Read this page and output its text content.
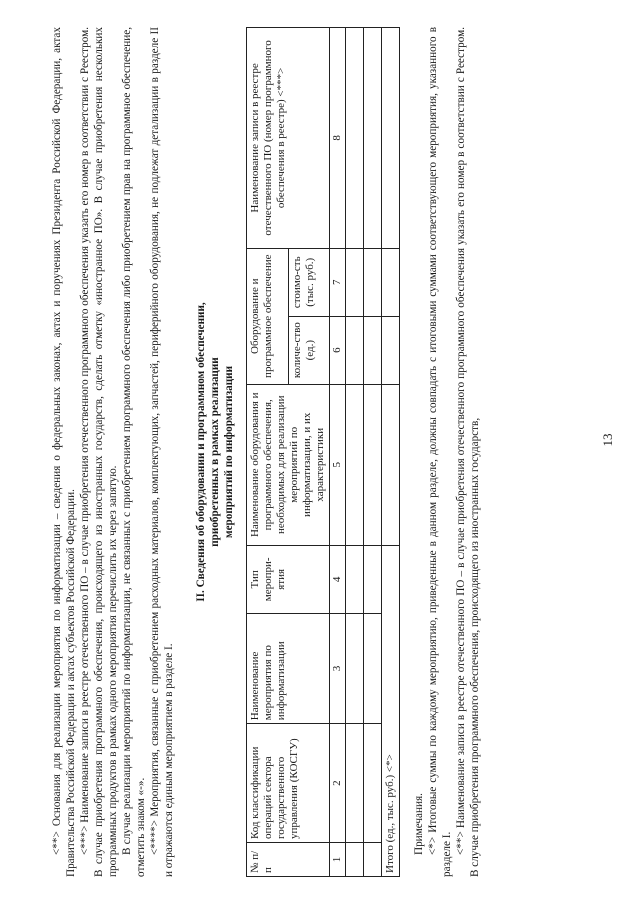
13

<**> Основания для реализации мероприятия по информатизации – сведения о федеральных законах, актах и поручениях Президента Российской Федерации, актах Правительства Российской Федерации и актах субъектов Российской Федерации. <***> Наименование записи в реестре отечественного ПО – в случае приобретения отечественного программного обеспечения указать его номер в соответствии с Реестром. В случае приобретения программного обеспечения, происходящего из иностранных государств, сделать отметку «иностранное ПО». В случае приобретения нескольких программных продуктов в рамках одного мероприятия перечислить их через запятую. В случае реализации мероприятий по информатизации, не связанных с приобретением программного обеспечения либо приобретением прав на программное обеспечение, отметить знаком «-». <****> Мероприятия, связанные с приобретением расходных материалов, комплектующих, запчастей, периферийного оборудования, не подлежат детализации в разделе II и отражаются единым мероприятием в разделе I.

II. Сведения об оборудовании и программном обеспечении, приобретенных в рамках реализации мероприятий по информатизации
№ п/п	Код классификации операций сектора государственного управления (КОСГУ)	Наименование мероприятия по информатизации	Тип меропри-ятия	Наименование оборудования и программного обеспечения, необходимых для реализации мероприятий по информатизации, и их характеристики	Оборудование и программное обеспечение		Наименование записи в реестре отечественного ПО (номер программного обеспечения в реестре) <***>
					количе-ство (ед.)	стоимо-сть (тыс. руб.)	
1	2	3	4	5	6	7	8

Итого (ед., тыс. руб.) <*>							Примечания. <*> Итоговые суммы по каждому мероприятию, приведенные в данном разделе, должны совпадать с итоговыми суммами соответствующего мероприятия, указанного в разделе I. <**> Наименование записи в реестре отечественного ПО – в случае приобретения отечественного программного обеспечения указать его номер в соответствии с Реестром. В случае приобретения программного обеспечения, происходящего из иностранных государств,
